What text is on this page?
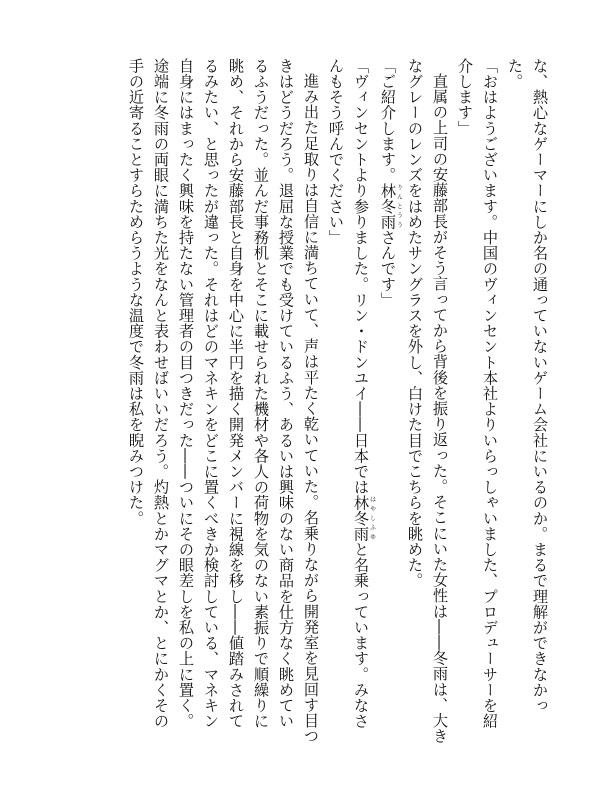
な、熱心なゲーマーにしか名の通っていないゲーム会社にいるのか。まるで理解ができなかった。

「おはようございます。中国のヴィンセント本社よりいらっしゃいました、プロデューサーを紹介します」

直属の上司の安藤部長がそう言ってから背後を振り返った。そこにいた女性は――冬雨は、大きなグレーのレンズをはめたサングラスを外し、白けた目でこちらを眺めた。

「ご紹介します。林冬雨りんとううさんです」

「ヴィンセントより参りました。リン・ドンユイ――日本では林冬雨はやしふゆと名乗っています。みなさんもそう呼んでください」

進み出た足取りは自信に満ちていて、声は平たく乾いていた。名乗りながら開発室を見回す目つきはどうだろう。退屈な授業でも受けているふう、あるいは興味のない商品を仕方なく眺めているふうだった。並んだ事務机とそこに載せられた機材や各人の荷物を気のない素振りで順繰りに眺め、それから安藤部長と自身を中心に半円を描く開発メンバーに視線を移し――値踏みされてるみたい、と思ったが違った。それはどのマネキンをどこに置くべきか検討している、マネキン自身にはまったく興味を持たない管理者の目つきだった――ついにその眼差しを私の上に置く。途端に冬雨の両眼に満ちた光をなんと表わせばいいだろう。灼熱とかマグマとか、とにかくその手の近寄ることすらためらうような温度で冬雨は私を睨みつけた。
